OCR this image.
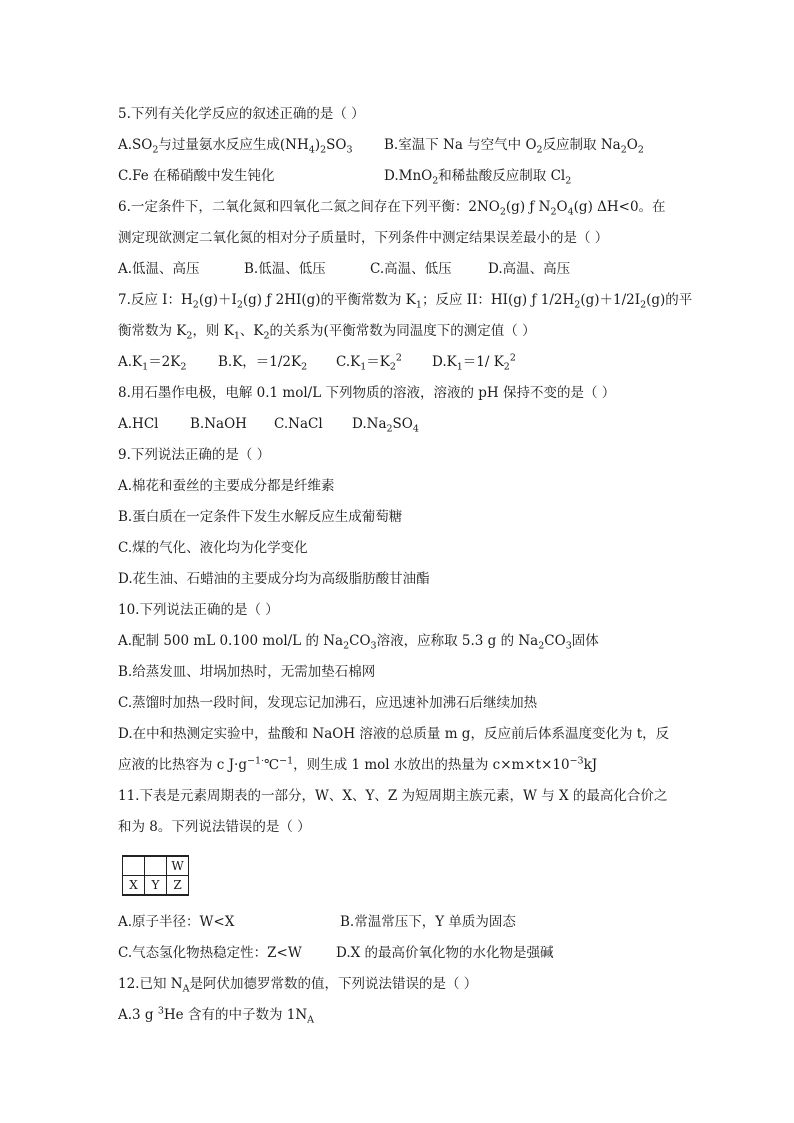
5.下列有关化学反应的叙述正确的是（ ）
$A.SO_2$与过量氨水反应生成$(NH_4)_2SO_3$ B.室温下 Na 与空气中 $O_2$反应制取 $Na_2O_2$
C.Fe 在稀硝酸中发生钝化	D.MnO$_2$和稀盐酸反应制取 $Cl_2$
6.一定条件下，二氧化氮和四氧化二氮之间存在下列平衡：$2NO_2(g)$ ƒ $N_2O_4(g)$ ΔH<0。在
测定现欲测定二氧化氮的相对分子质量时，下列条件中测定结果误差最小的是（ ）
A.低温、高压	B.低温、低压	C.高温、低压	D.高温、高压
7.反应 I：$H_2(g)+I_2(g)$ ƒ 2HI(g)的平衡常数为 $K_1$；反应 II：HI(g) ƒ $1/2H_2(g)+1/2I_2(g)$的平
衡常数为 $K_2$，则 $K_1$、$K_2$的关系为(平衡常数为同温度下的测定值（ ）
$A.K_1=2K_2$ B.K，$=1/2K_2$ $C.K_1=K_2^2$ $D.K_1=1/$ $K_2^2$
8.用石墨作电极，电解 0.1 mol/L 下列物质的溶液，溶液的 pH 保持不变的是（ ）
A.HCl B.NaOH C.NaCl $D.Na_2SO_4$
9.下列说法正确的是（ ）
A.棉花和蚕丝的主要成分都是纤维素
B.蛋白质在一定条件下发生水解反应生成葡萄糖
C.煤的气化、液化均为化学变化
D.花生油、石蜡油的主要成分均为高级脂肪酸甘油酯
10.下列说法正确的是（ ）
A.配制 500 mL 0.100 mol/L 的 $Na_2CO_3$溶液，应称取 5.3 g 的 $Na_2CO_3$固体
B.给蒸发皿、坩埚加热时，无需加垫石棉网
C.蒸馏时加热一段时间，发现忘记加沸石，应迅速补加沸石后继续加热
D.在中和热测定实验中，盐酸和 NaOH 溶液的总质量 m g，反应前后体系温度变化为 t，反
应液的比热容为 c $J\cdot g^{-1\cdot}℃^{-1}$，则生成 1 mol 水放出的热量为 $c\times m\times t\times 10^{-3}kJ$
11.下表是元素周期表的一部分，W、X、Y、Z 为短周期主族元素，W 与 X 的最高化合价之
和为 8。下列说法错误的是（ ）
		W
X	Y	Z
A.原子半径：W<X	B.常温常压下，Y 单质为固态
C.气态氢化物热稳定性：Z<W	D.X 的最高价氧化物的水化物是强碱
12.已知 $N_A$是阿伏加德罗常数的值，下列说法错误的是（ ）
A.3 g $^3$He 含有的中子数为 $1N_A$
